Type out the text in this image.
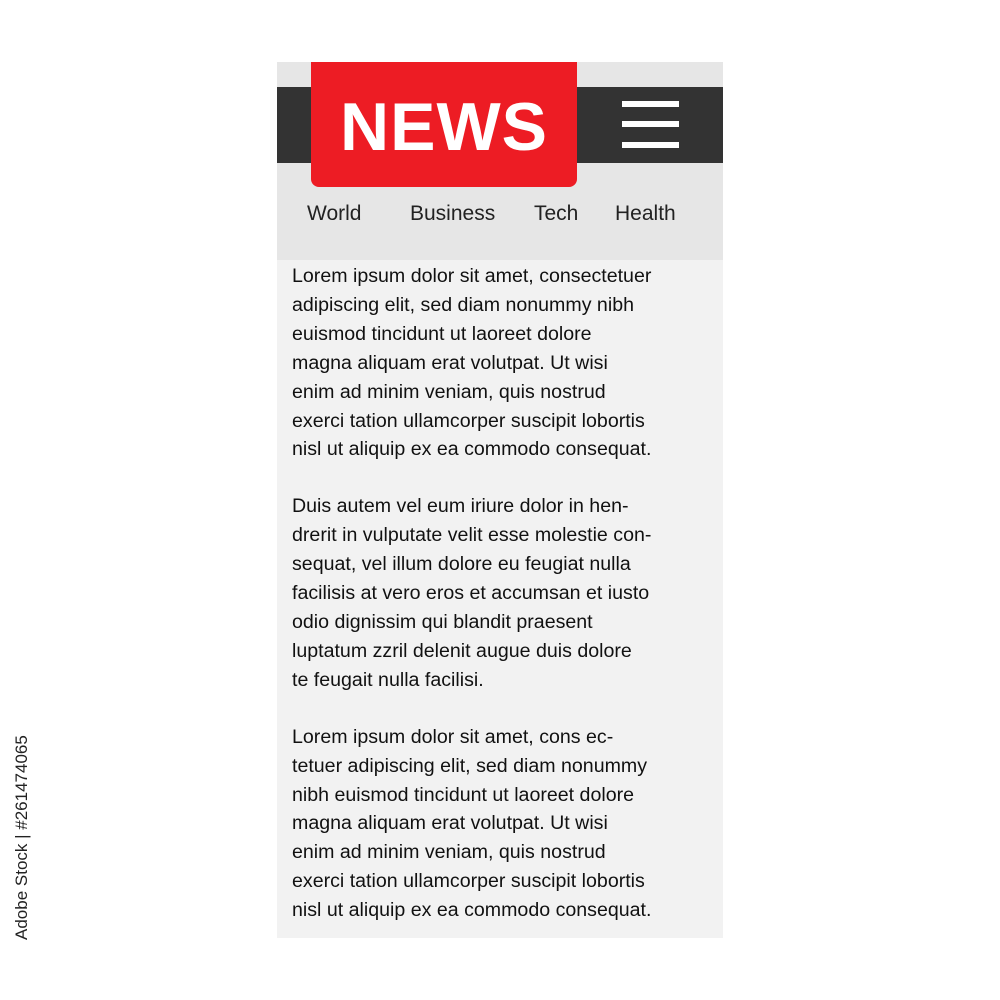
NEWS
World Business Tech Health

Lorem ipsum dolor sit amet, consectetuer
adipiscing elit, sed diam nonummy nibh
euismod tincidunt ut laoreet dolore
magna aliquam erat volutpat. Ut wisi
enim ad minim veniam, quis nostrud
exerci tation ullamcorper suscipit lobortis
nisl ut aliquip ex ea commodo consequat.

Duis autem vel eum iriure dolor in hen-
drerit in vulputate velit esse molestie con-
sequat, vel illum dolore eu feugiat nulla
facilisis at vero eros et accumsan et iusto
odio dignissim qui blandit praesent
luptatum zzril delenit augue duis dolore
te feugait nulla facilisi.

Lorem ipsum dolor sit amet, cons ec-
tetuer adipiscing elit, sed diam nonummy
nibh euismod tincidunt ut laoreet dolore
magna aliquam erat volutpat. Ut wisi
enim ad minim veniam, quis nostrud
exerci tation ullamcorper suscipit lobortis
nisl ut aliquip ex ea commodo consequat.

Adobe Stock | #261474065
